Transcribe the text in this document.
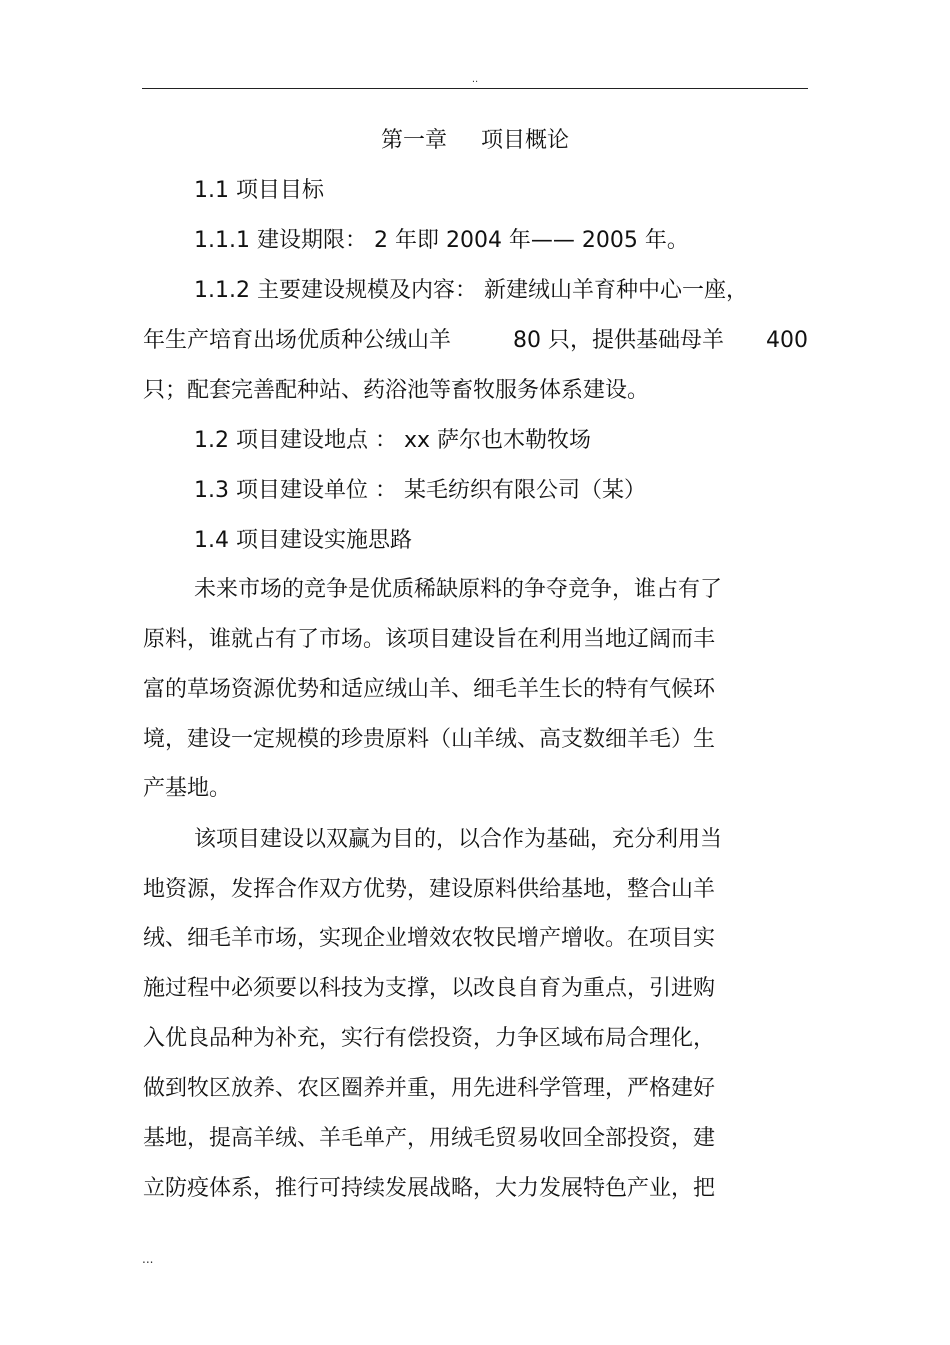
..
第一章 项目概论

1.1 项目目标

1.1.1 建设期限： 2 年即 2004 年—— 2005 年。

1.1.2 主要建设规模及内容： 新建绒山羊育种中心一座，

年生产培育出场优质种公绒山羊	80 只，提供基础母羊 400

只；配套完善配种站、药浴池等畜牧服务体系建设。

1.2 项目建设地点 ： xx 萨尔也木勒牧场

1.3 项目建设单位 ： 某毛纺织有限公司（某）

1.4 项目建设实施思路

未来市场的竞争是优质稀缺原料的争夺竞争，谁占有了

原料，谁就占有了市场。该项目建设旨在利用当地辽阔而丰

富的草场资源优势和适应绒山羊、细毛羊生长的特有气候环

境，建设一定规模的珍贵原料（山羊绒、高支数细羊毛）生

产基地。

该项目建设以双赢为目的，以合作为基础，充分利用当

地资源，发挥合作双方优势，建设原料供给基地，整合山羊

绒、细毛羊市场，实现企业增效农牧民增产增收。在项目实

施过程中必须要以科技为支撑，以改良自育为重点，引进购

入优良品种为补充，实行有偿投资，力争区域布局合理化，

做到牧区放养、农区圈养并重，用先进科学管理，严格建好

基地，提高羊绒、羊毛单产，用绒毛贸易收回全部投资，建

立防疫体系，推行可持续发展战略，大力发展特色产业，把

...
